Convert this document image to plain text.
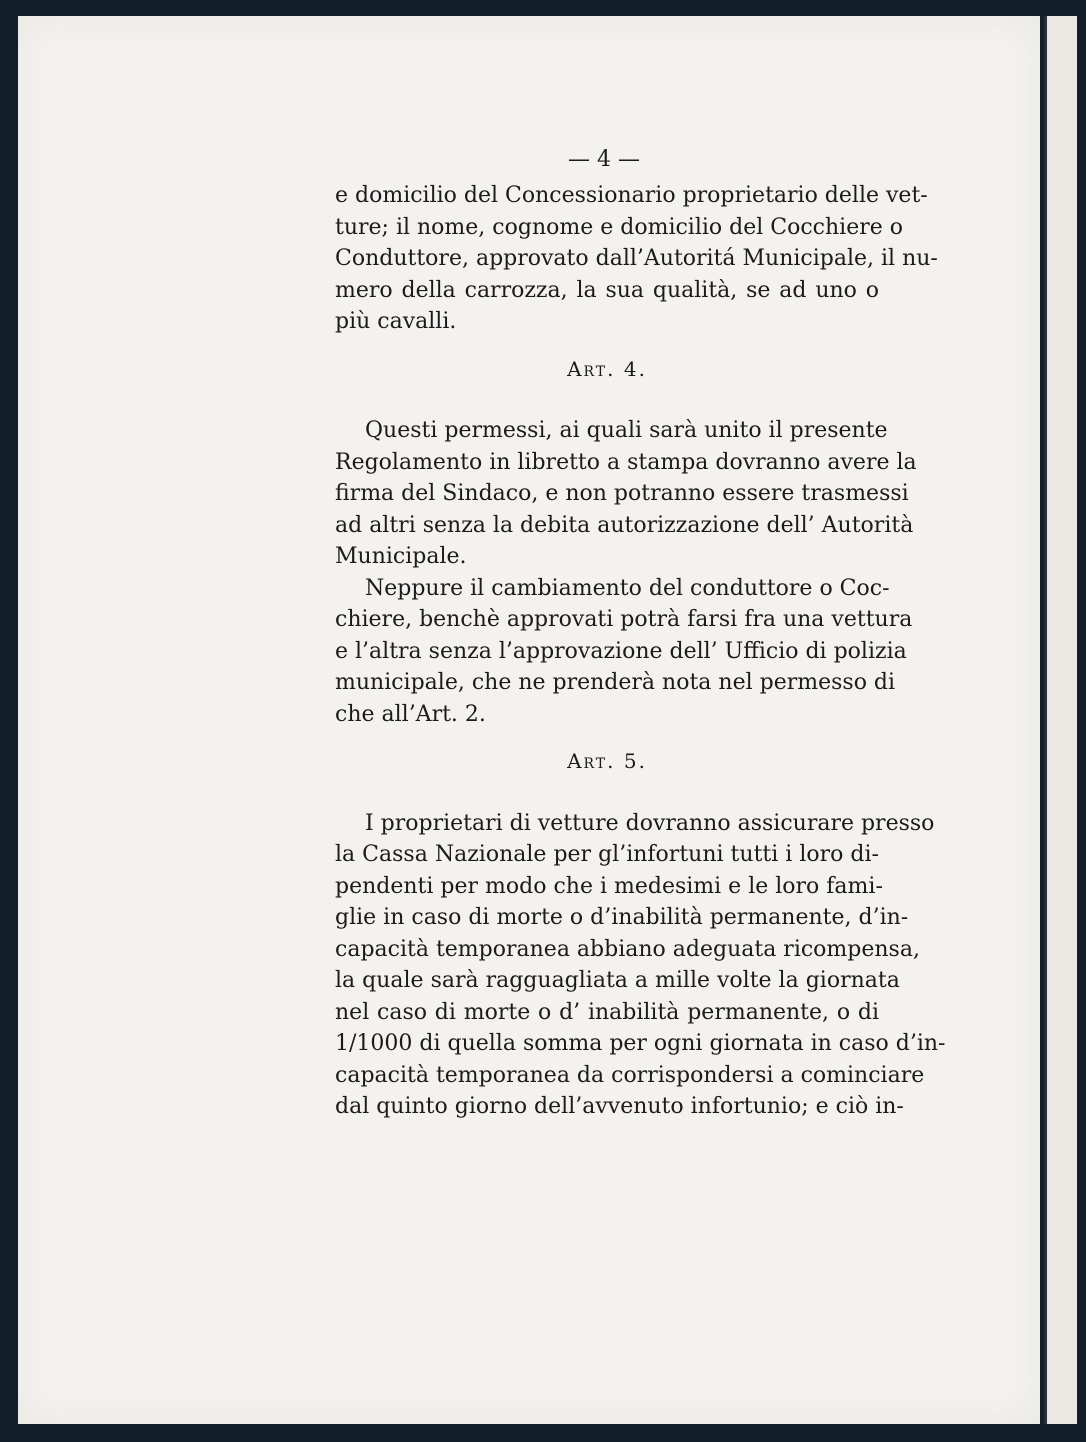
— 4 —
e domicilio del Concessionario proprietario delle vet-
ture; il nome, cognome e domicilio del Cocchiere o
Conduttore, approvato dall’Autoritá Municipale, il nu-
mero della carrozza, la sua qualità, se ad uno o
più cavalli.
Art. 4.
Questi permessi, ai quali sarà unito il presente
Regolamento in libretto a stampa dovranno avere la
firma del Sindaco, e non potranno essere trasmessi
ad altri senza la debita autorizzazione dell’ Autorità
Municipale.
Neppure il cambiamento del conduttore o Coc-
chiere, benchè approvati potrà farsi fra una vettura
e l’altra senza l’approvazione dell’ Ufficio di polizia
municipale, che ne prenderà nota nel permesso di
che all’Art. 2.
Art. 5.
I proprietari di vetture dovranno assicurare presso
la Cassa Nazionale per gl’infortuni tutti i loro di-
pendenti per modo che i medesimi e le loro fami-
glie in caso di morte o d’inabilità permanente, d’in-
capacità temporanea abbiano adeguata ricompensa,
la quale sarà ragguagliata a mille volte la giornata
nel caso di morte o d’ inabilità permanente, o di
1/1000 di quella somma per ogni giornata in caso d’in-
capacità temporanea da corrispondersi a cominciare
dal quinto giorno dell’avvenuto infortunio; e ciò in-
